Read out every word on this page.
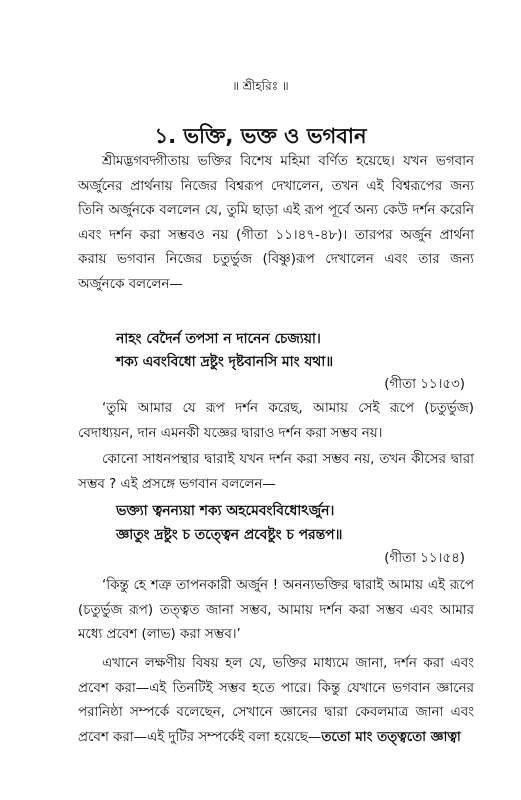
॥ শ্রীহরিঃ ॥
১. ভক্তি, ভক্ত ও ভগবান

শ্রীমদ্ভগবদ্গীতায় ভক্তির বিশেষ মহিমা বর্ণিত হয়েছে। যখন ভগবান অর্জুনের প্রার্থনায় নিজের বিশ্বরূপ দেখালেন, তখন এই বিশ্বরূপের জন্য তিনি অর্জুনকে বললেন যে, তুমি ছাড়া এই রূপ পূর্বে অন্য কেউ দর্শন করেনি এবং দর্শন করা সম্ভবও নয় (গীতা ১১।৪৭-৪৮)। তারপর অর্জুন প্রার্থনা করায় ভগবান নিজের চতুর্ভুজ (বিষ্ণু)রূপ দেখালেন এবং তার জন্য অর্জুনকে বললেন—

নাহং বেদৈর্ন তপসা ন দানেন চেজ্যয়া।

শক্য এবংবিধো দ্রষ্টুং দৃষ্টবানসি মাং যথা॥

(গীতা ১১।৫৩)

‘তুমি আমার যে রূপ দর্শন করেছ, আমায় সেই রূপে (চতুর্ভুজ) বেদাধ্যয়ন, দান এমনকী যজ্ঞের দ্বারাও দর্শন করা সম্ভব নয়।

কোনো সাধনপন্থার দ্বারাই যখন দর্শন করা সম্ভব নয়, তখন কীসের দ্বারা সম্ভব ? এই প্রসঙ্গে ভগবান বললেন—

ভক্ত্যা ত্বনন্যয়া শক্য অহমেবংবিধোঽর্জুন।

জ্ঞাতুং দ্রষ্টুং চ তত্ত্বেন প্রবেষ্টুং চ পরন্তপ॥

(গীতা ১১।৫৪)

‘কিন্তু হে শত্রু তাপনকারী অর্জুন ! অনন্যভক্তির দ্বারাই আমায় এই রূপে (চতুর্ভুজ রূপ) তত্ত্বত জানা সম্ভব, আমায় দর্শন করা সম্ভব এবং আমার মধ্যে প্রবেশ (লাভ) করা সম্ভব।’

এখানে লক্ষণীয় বিষয় হল যে, ভক্তির মাধ্যমে জানা, দর্শন করা এবং প্রবেশ করা—এই তিনটিই সম্ভব হতে পারে। কিন্তু যেখানে ভগবান জ্ঞানের পরানিষ্ঠা সম্পর্কে বলেছেন, সেখানে জ্ঞানের দ্বারা কেবলমাত্র জানা এবং প্রবেশ করা—এই দুটির সম্পর্কেই বলা হয়েছে—ততো মাং তত্ত্বতো জ্ঞাত্বা
